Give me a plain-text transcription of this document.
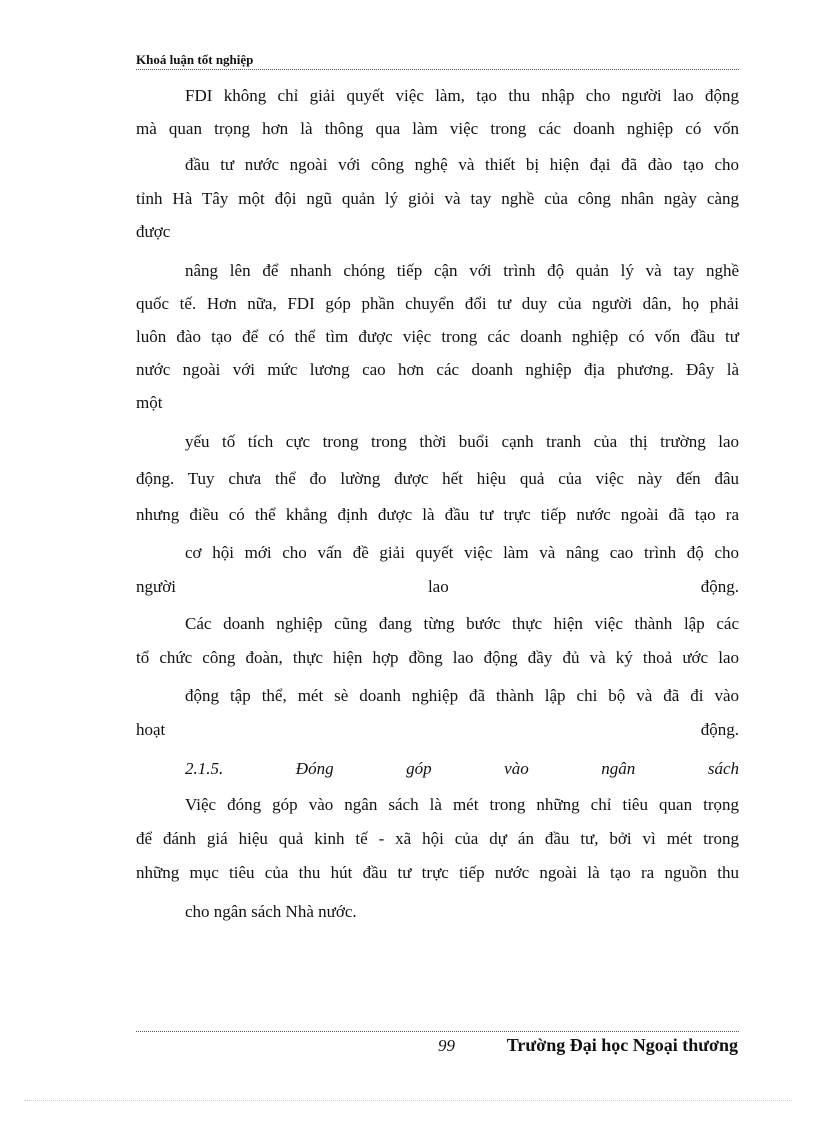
Khoá luận tốt nghiệp
FDI không chỉ giải quyết việc làm, tạo thu nhập cho người lao động
mà quan trọng hơn là thông qua làm việc trong các doanh nghiệp có vốn
đầu tư nước ngoài với công nghệ và thiết bị hiện đại đã đào tạo cho
tỉnh Hà Tây một đội ngũ quản lý giỏi và tay nghề của công nhân ngày càng
được
nâng lên để nhanh chóng tiếp cận với trình độ quản lý và tay nghề
quốc tế. Hơn nữa, FDI góp phần chuyển đổi tư duy của người dân, họ phải
luôn đào tạo để có thể tìm được việc trong các doanh nghiệp có vốn đầu tư
nước ngoài với mức lương cao hơn các doanh nghiệp địa phương. Đây là
một
yếu tố tích cực trong trong thời buổi cạnh tranh của thị trường lao
động. Tuy chưa thể đo lường được hết hiệu quả của việc này đến đâu
nhưng điều có thể khẳng định được là đầu tư trực tiếp nước ngoài đã tạo ra
cơ hội mới cho vấn đề giải quyết việc làm và nâng cao trình độ cho
người lao động.
Các doanh nghiệp cũng đang từng bước thực hiện việc thành lập các
tổ chức công đoàn, thực hiện hợp đồng lao động đầy đủ và ký thoả ước lao
động tập thể, mét sè doanh nghiệp đã thành lập chi bộ và đã đi vào
hoạt động.
2.1.5. Đóng góp vào ngân sách
Việc đóng góp vào ngân sách là mét trong những chỉ tiêu quan trọng
để đánh giá hiệu quả kinh tế - xã hội của dự án đầu tư, bởi vì mét trong
những mục tiêu của thu hút đầu tư trực tiếp nước ngoài là tạo ra nguồn thu
cho ngân sách Nhà nước.
99	Trường Đại học Ngoại thương
